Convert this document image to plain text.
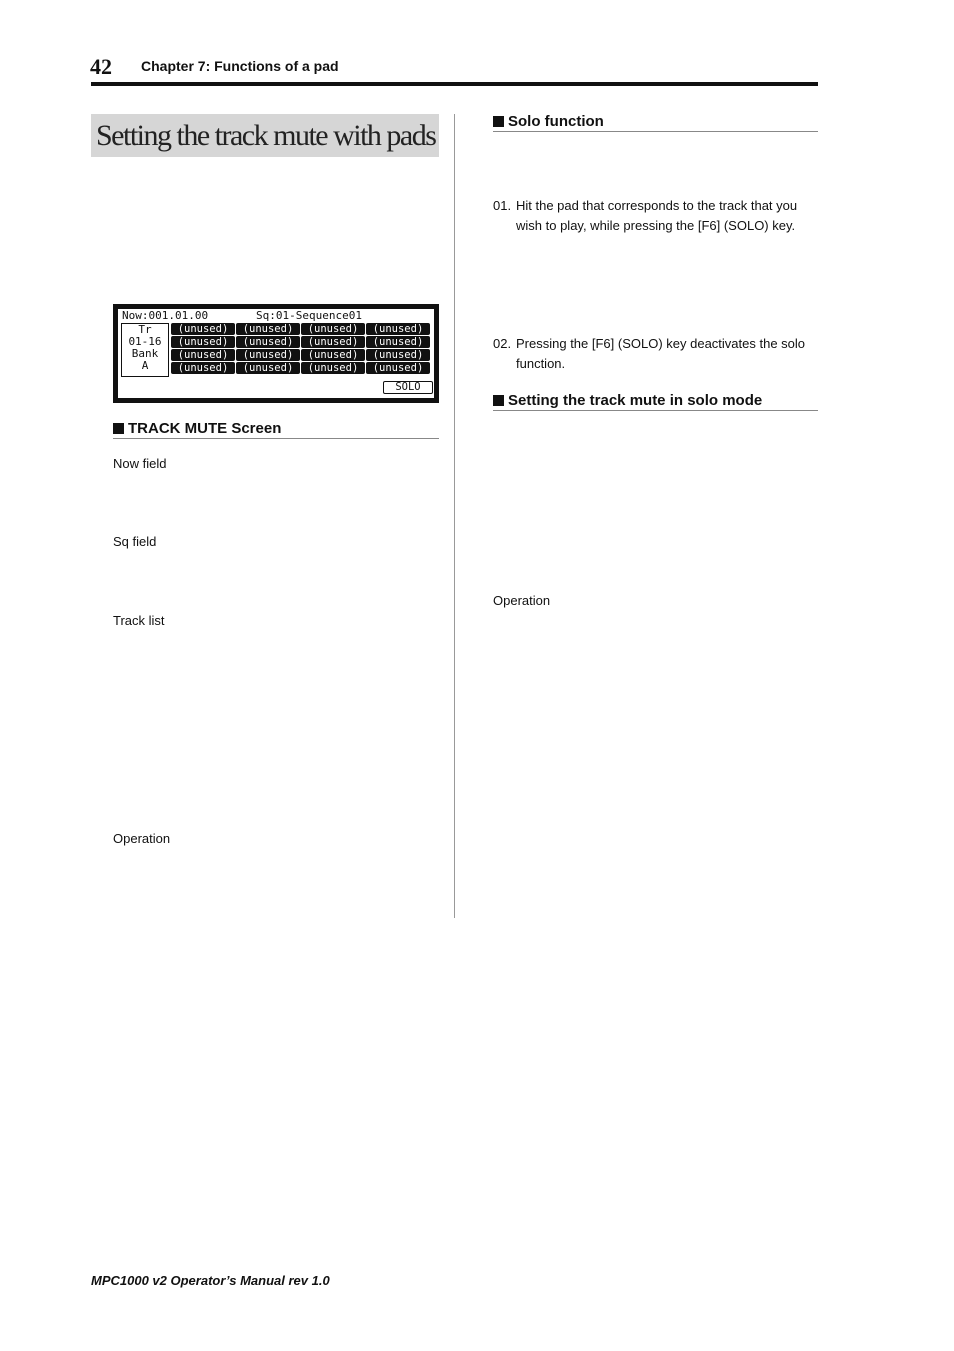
42 Chapter 7: Functions of a pad
Setting the track mute with pads
Now:001.01.00	Sq:01-Sequence01
Tr
01-16
Bank
A
(unused)	(unused)	(unused)	(unused)
(unused)	(unused)	(unused)	(unused)
(unused)	(unused)	(unused)	(unused)
(unused)	(unused)	(unused)	(unused)
SOLO
TRACK MUTE Screen
Now field
Sq field
Track list
Operation
Solo function
01. Hit the pad that corresponds to the track that you
wish to play, while pressing the [F6] (SOLO) key.
02. Pressing the [F6] (SOLO) key deactivates the solo
function.
Setting the track mute in solo mode
Operation
MPC1000 v2 Operator’s Manual rev 1.0
